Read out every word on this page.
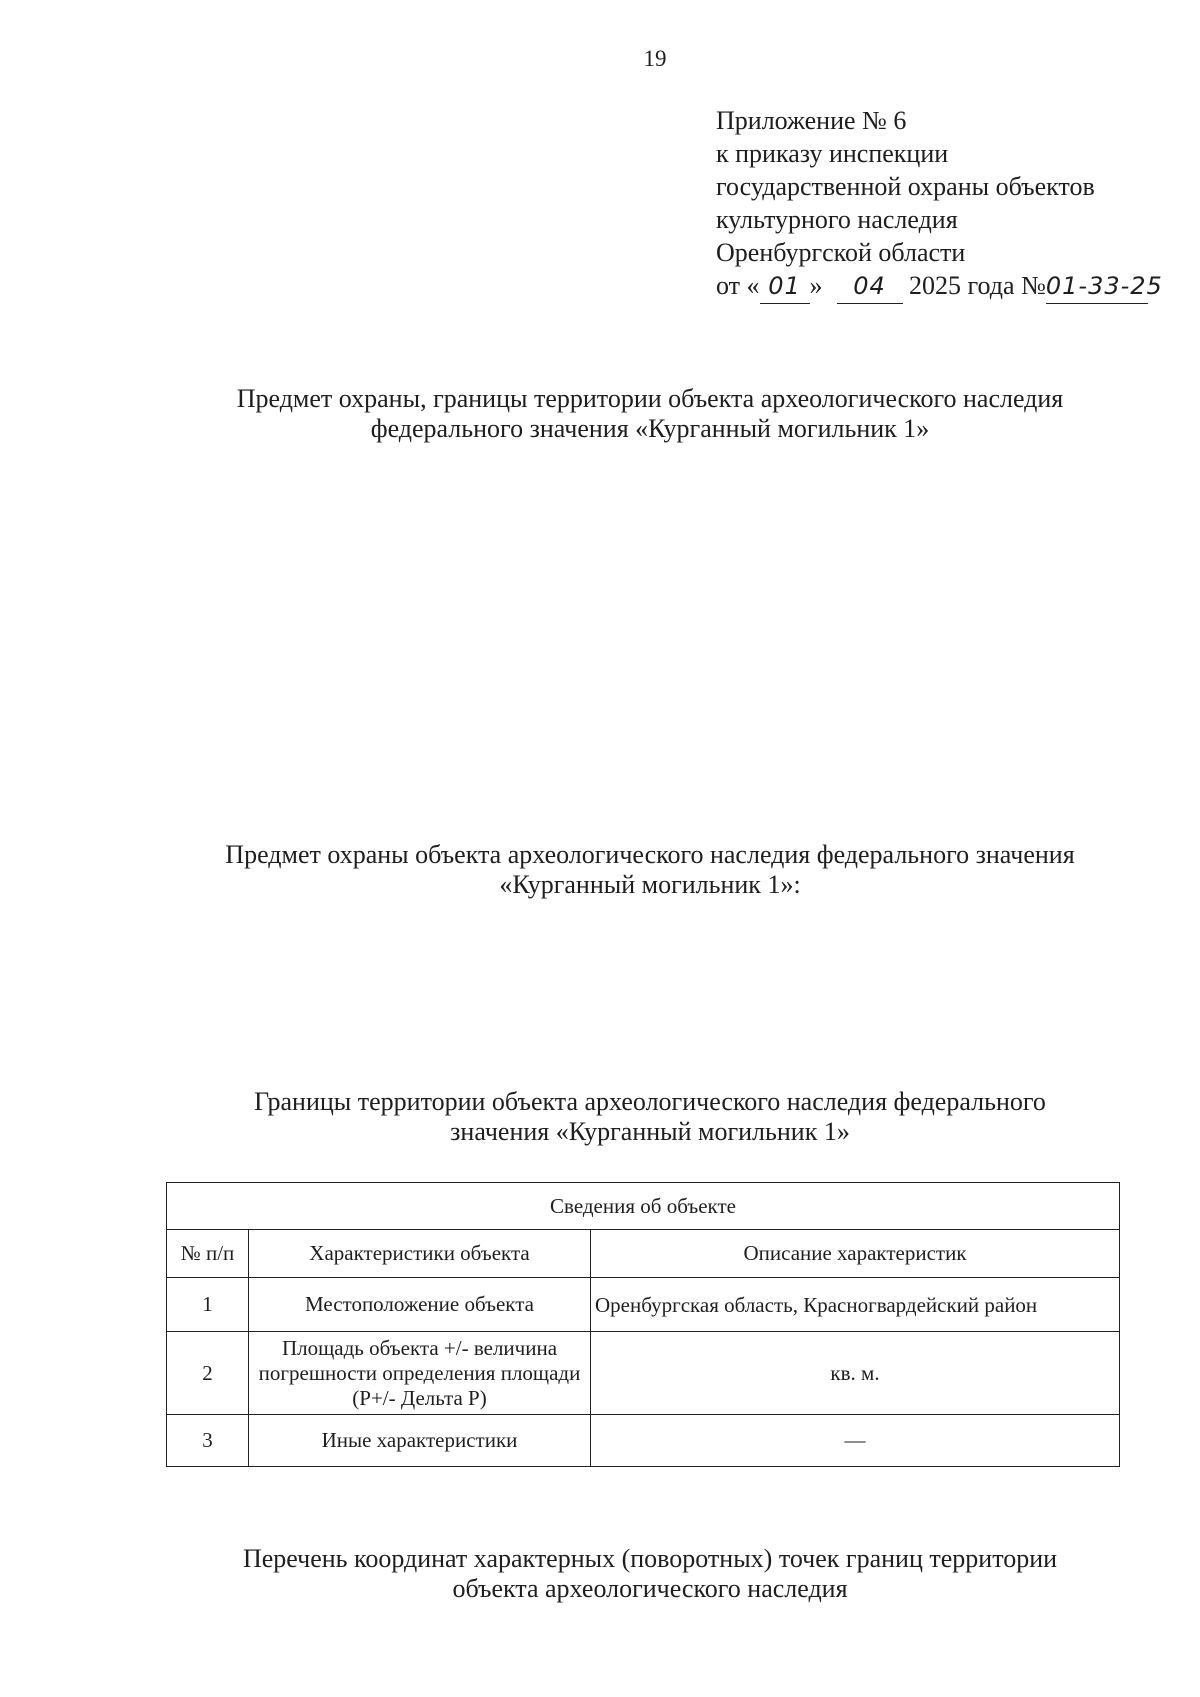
19
Приложение № 6
к приказу инспекции
государственной охраны объектов
культурного наследия
Оренбургской области
от « 01 » 04 2025 года №01-33-25
Предмет охраны, границы территории объекта археологического наследия
федерального значения «Курганный могильник 1»
Предмет охраны объекта археологического наследия федерального значения
«Курганный могильник 1»:
Границы территории объекта археологического наследия федерального
значения «Курганный могильник 1»
Сведения об объекте		
№ п/п	Характеристики объекта	Описание характеристик
1	Местоположение объекта	Оренбургская область, Красногвардейский район

2	Площадь объекта +/- величина погрешности определения площади (P+/- Дельта P)	кв. м.
3	Иные характеристики	—
Перечень координат характерных (поворотных) точек границ территории
объекта археологического наследия
